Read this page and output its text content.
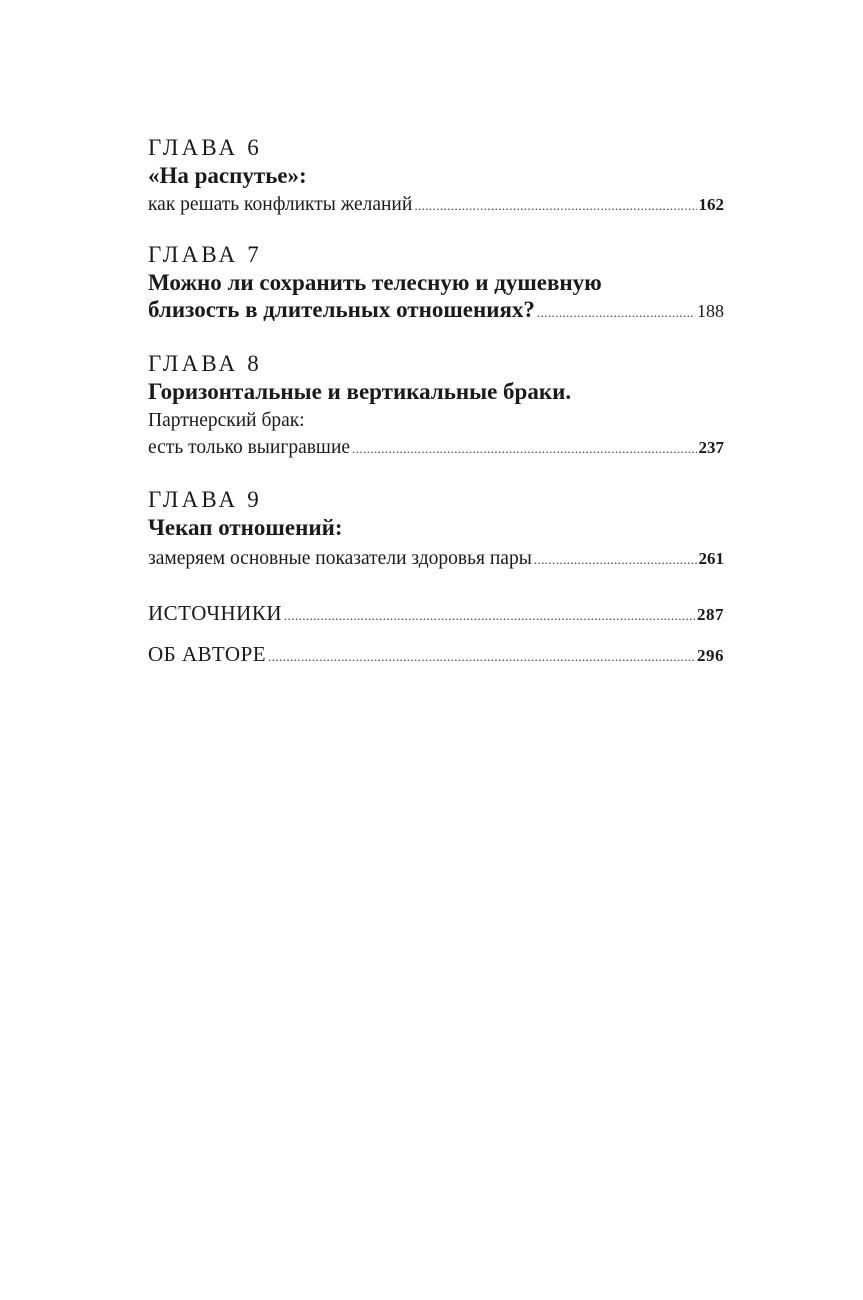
ГЛАВА 6
«На распутье»:
как решать конфликты желаний .....	162
ГЛАВА 7
Можно ли сохранить телесную и душевную
близость в длительных отношениях? .....	188
ГЛАВА 8
Горизонтальные и вертикальные браки.
Партнерский брак:
есть только выигравшие .....	237
ГЛАВА 9
Чекап отношений:
замеряем основные показатели здоровья пары .....	261
ИСТОЧНИКИ .....	287
ОБ АВТОРЕ .....	296
